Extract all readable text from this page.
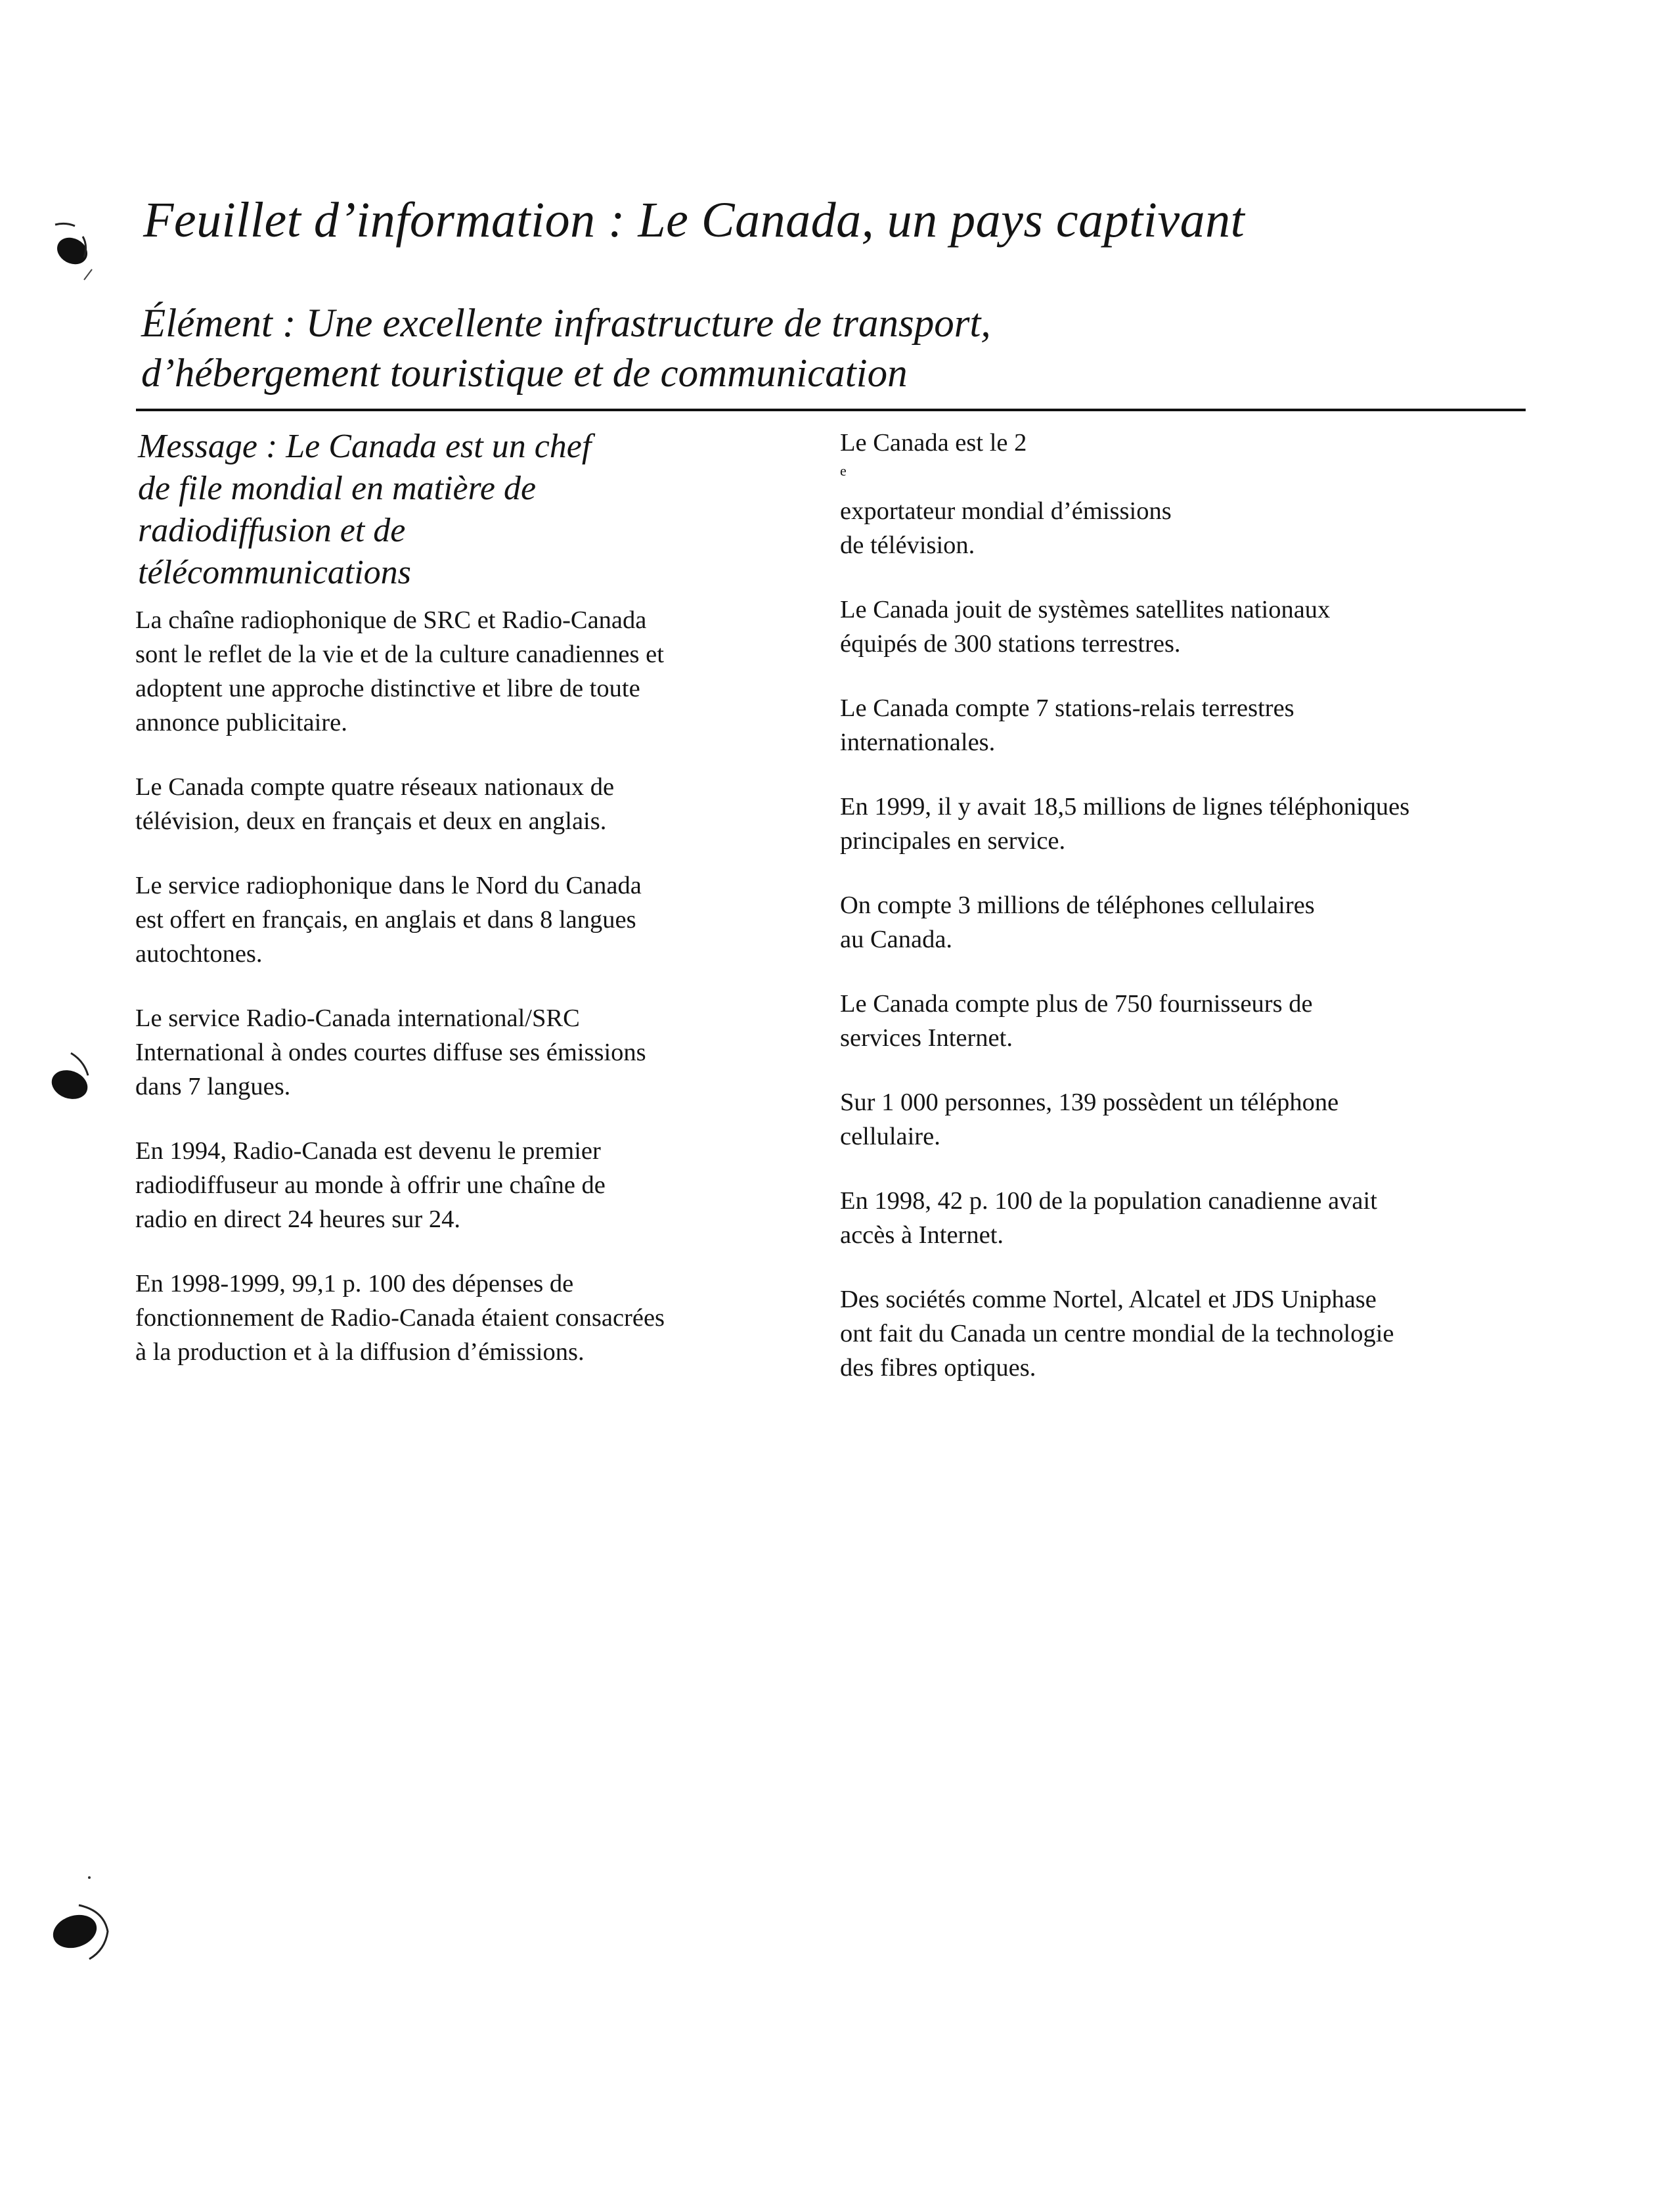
Feuillet d’information : Le Canada, un pays captivant
Élément : Une excellente infrastructure de transport,
d’hébergement touristique et de communication
Message : Le Canada est un chef
de file mondial en matière de
radiodiffusion et de
télécommunications

La chaîne radiophonique de SRC et Radio-Canada
sont le reflet de la vie et de la culture canadiennes et
adoptent une approche distinctive et libre de toute
annonce publicitaire.

Le Canada compte quatre réseaux nationaux de
télévision, deux en français et deux en anglais.

Le service radiophonique dans le Nord du Canada
est offert en français, en anglais et dans 8 langues
autochtones.

Le service Radio-Canada international/SRC
International à ondes courtes diffuse ses émissions
dans 7 langues.

En 1994, Radio-Canada est devenu le premier
radiodiffuseur au monde à offrir une chaîne de
radio en direct 24 heures sur 24.

En 1998-1999, 99,1 p. 100 des dépenses de
fonctionnement de Radio-Canada étaient consacrées
à la production et à la diffusion d’émissions.

Le Canada est le 2
$^e$
exportateur mondial d’émissions
de télévision.

Le Canada jouit de systèmes satellites nationaux
équipés de 300 stations terrestres.

Le Canada compte 7 stations-relais terrestres
internationales.

En 1999, il y avait 18,5 millions de lignes téléphoniques
principales en service.

On compte 3 millions de téléphones cellulaires
au Canada.

Le Canada compte plus de 750 fournisseurs de
services Internet.

Sur 1 000 personnes, 139 possèdent un téléphone
cellulaire.

En 1998, 42 p. 100 de la population canadienne avait
accès à Internet.

Des sociétés comme Nortel, Alcatel et JDS Uniphase
ont fait du Canada un centre mondial de la technologie
des fibres optiques.
